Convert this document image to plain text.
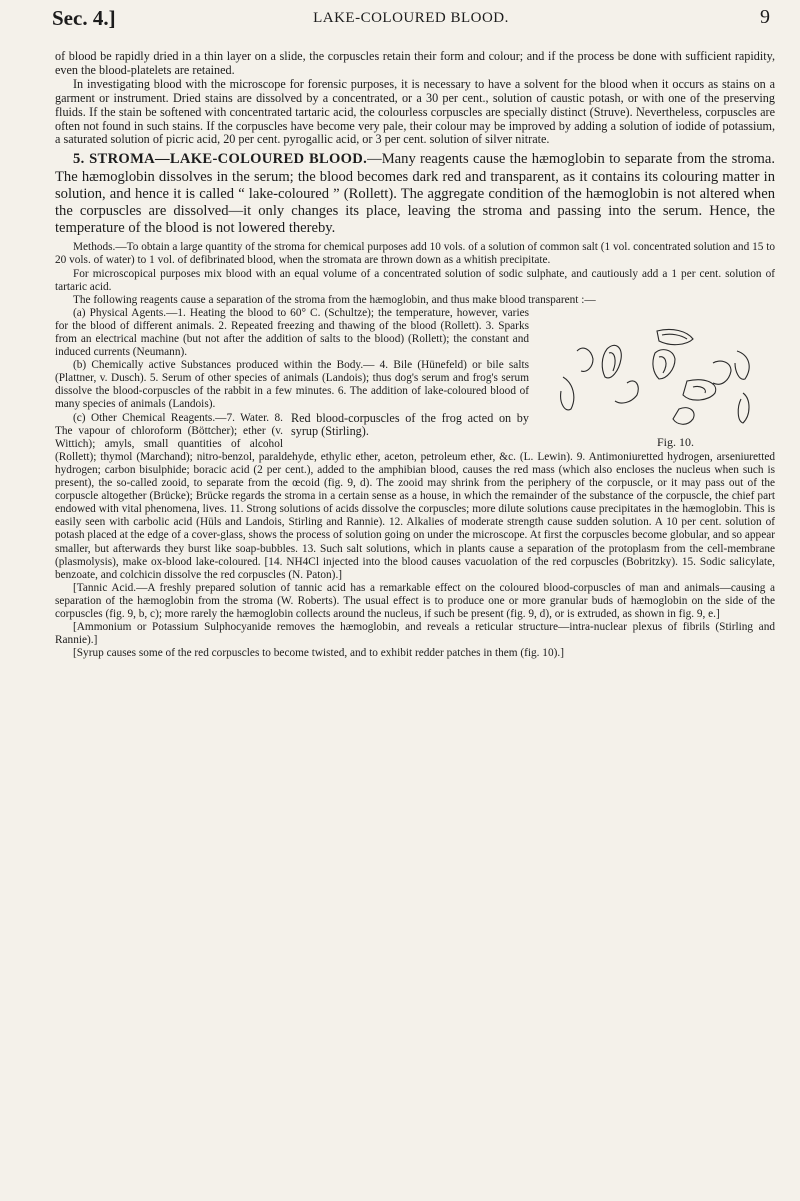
Sec. 4.]	LAKE-COLOURED BLOOD.	9

of blood be rapidly dried in a thin layer on a slide, the corpuscles retain their form and colour; and if the process be done with sufficient rapidity, even the blood-platelets are retained.

In investigating blood with the microscope for forensic purposes, it is necessary to have a solvent for the blood when it occurs as stains on a garment or instrument. Dried stains are dissolved by a concentrated, or a 30 per cent., solution of caustic potash, or with one of the preserving fluids. If the stain be softened with concentrated tartaric acid, the colourless corpuscles are specially distinct (Struve). Nevertheless, corpuscles are often not found in such stains. If the corpuscles have become very pale, their colour may be improved by adding a solution of iodide of potassium, a saturated solution of picric acid, 20 per cent. pyrogallic acid, or 3 per cent. solution of silver nitrate.

5. STROMA—LAKE-COLOURED BLOOD.—Many reagents cause the hæmoglobin to separate from the stroma. The hæmoglobin dissolves in the serum; the blood becomes dark red and transparent, as it contains its colouring matter in solution, and hence it is called “ lake-coloured ” (Rollett). The aggregate condition of the hæmoglobin is not altered when the corpuscles are dissolved—it only changes its place, leaving the stroma and passing into the serum. Hence, the temperature of the blood is not lowered thereby.

Methods.—To obtain a large quantity of the stroma for chemical purposes add 10 vols. of a solution of common salt (1 vol. concentrated solution and 15 to 20 vols. of water) to 1 vol. of defibrinated blood, when the stromata are thrown down as a whitish precipitate.

For microscopical purposes mix blood with an equal volume of a concentrated solution of sodic sulphate, and cautiously add a 1 per cent. solution of tartaric acid.

The following reagents cause a separation of the stroma from the hæmoglobin, and thus make blood transparent :—

Fig. 10.

(a) Physical Agents.—1. Heating the blood to 60° C. (Schultze); the temperature, however, varies for the blood of different animals. 2. Repeated freezing and thawing of the blood (Rollett). 3. Sparks from an electrical machine (but not after the addition of salts to the blood) (Rollett); the constant and induced currents (Neumann).

(b) Chemically active Substances produced within the Body.— 4. Bile (Hünefeld) or bile salts (Plattner, v. Dusch). 5. Serum of other species of animals (Landois); thus dog's serum and frog's serum dissolve the blood-corpuscles of the rabbit in a few minutes. 6. The addition of lake-coloured blood of many species of animals (Landois).

Red blood-corpuscles of the frog acted on by syrup (Stirling).

(c) Other Chemical Reagents.—7. Water. 8. The vapour of chloroform (Böttcher); ether (v. Wittich); amyls, small quantities of alcohol (Rollett); thymol (Marchand); nitro-benzol, paraldehyde, ethylic ether, aceton, petroleum ether, &c. (L. Lewin). 9. Antimoniuretted hydrogen, arseniuretted hydrogen; carbon bisulphide; boracic acid (2 per cent.), added to the amphibian blood, causes the red mass (which also encloses the nucleus when such is present), the so-called zooid, to separate from the œcoid (fig. 9, d). The zooid may shrink from the periphery of the corpuscle, or it may pass out of the corpuscle altogether (Brücke); Brücke regards the stroma in a certain sense as a house, in which the remainder of the substance of the corpuscle, the chief part endowed with vital phenomena, lives. 11. Strong solutions of acids dissolve the corpuscles; more dilute solutions cause precipitates in the hæmoglobin. This is easily seen with carbolic acid (Hüls and Landois, Stirling and Rannie). 12. Alkalies of moderate strength cause sudden solution. A 10 per cent. solution of potash placed at the edge of a cover-glass, shows the process of solution going on under the microscope. At first the corpuscles become globular, and so appear smaller, but afterwards they burst like soap-bubbles. 13. Such salt solutions, which in plants cause a separation of the protoplasm from the cell-membrane (plasmolysis), make ox-blood lake-coloured. [14. NH4Cl injected into the blood causes vacuolation of the red corpuscles (Bobritzky). 15. Sodic salicylate, benzoate, and colchicin dissolve the red corpuscles (N. Paton).]

[Tannic Acid.—A freshly prepared solution of tannic acid has a remarkable effect on the coloured blood-corpuscles of man and animals—causing a separation of the hæmoglobin from the stroma (W. Roberts). The usual effect is to produce one or more granular buds of hæmoglobin on the side of the corpuscles (fig. 9, b, c); more rarely the hæmoglobin collects around the nucleus, if such be present (fig. 9, d), or is extruded, as shown in fig. 9, e.]

[Ammonium or Potassium Sulphocyanide removes the hæmoglobin, and reveals a reticular structure—intra-nuclear plexus of fibrils (Stirling and Rannie).]

[Syrup causes some of the red corpuscles to become twisted, and to exhibit redder patches in them (fig. 10).]
